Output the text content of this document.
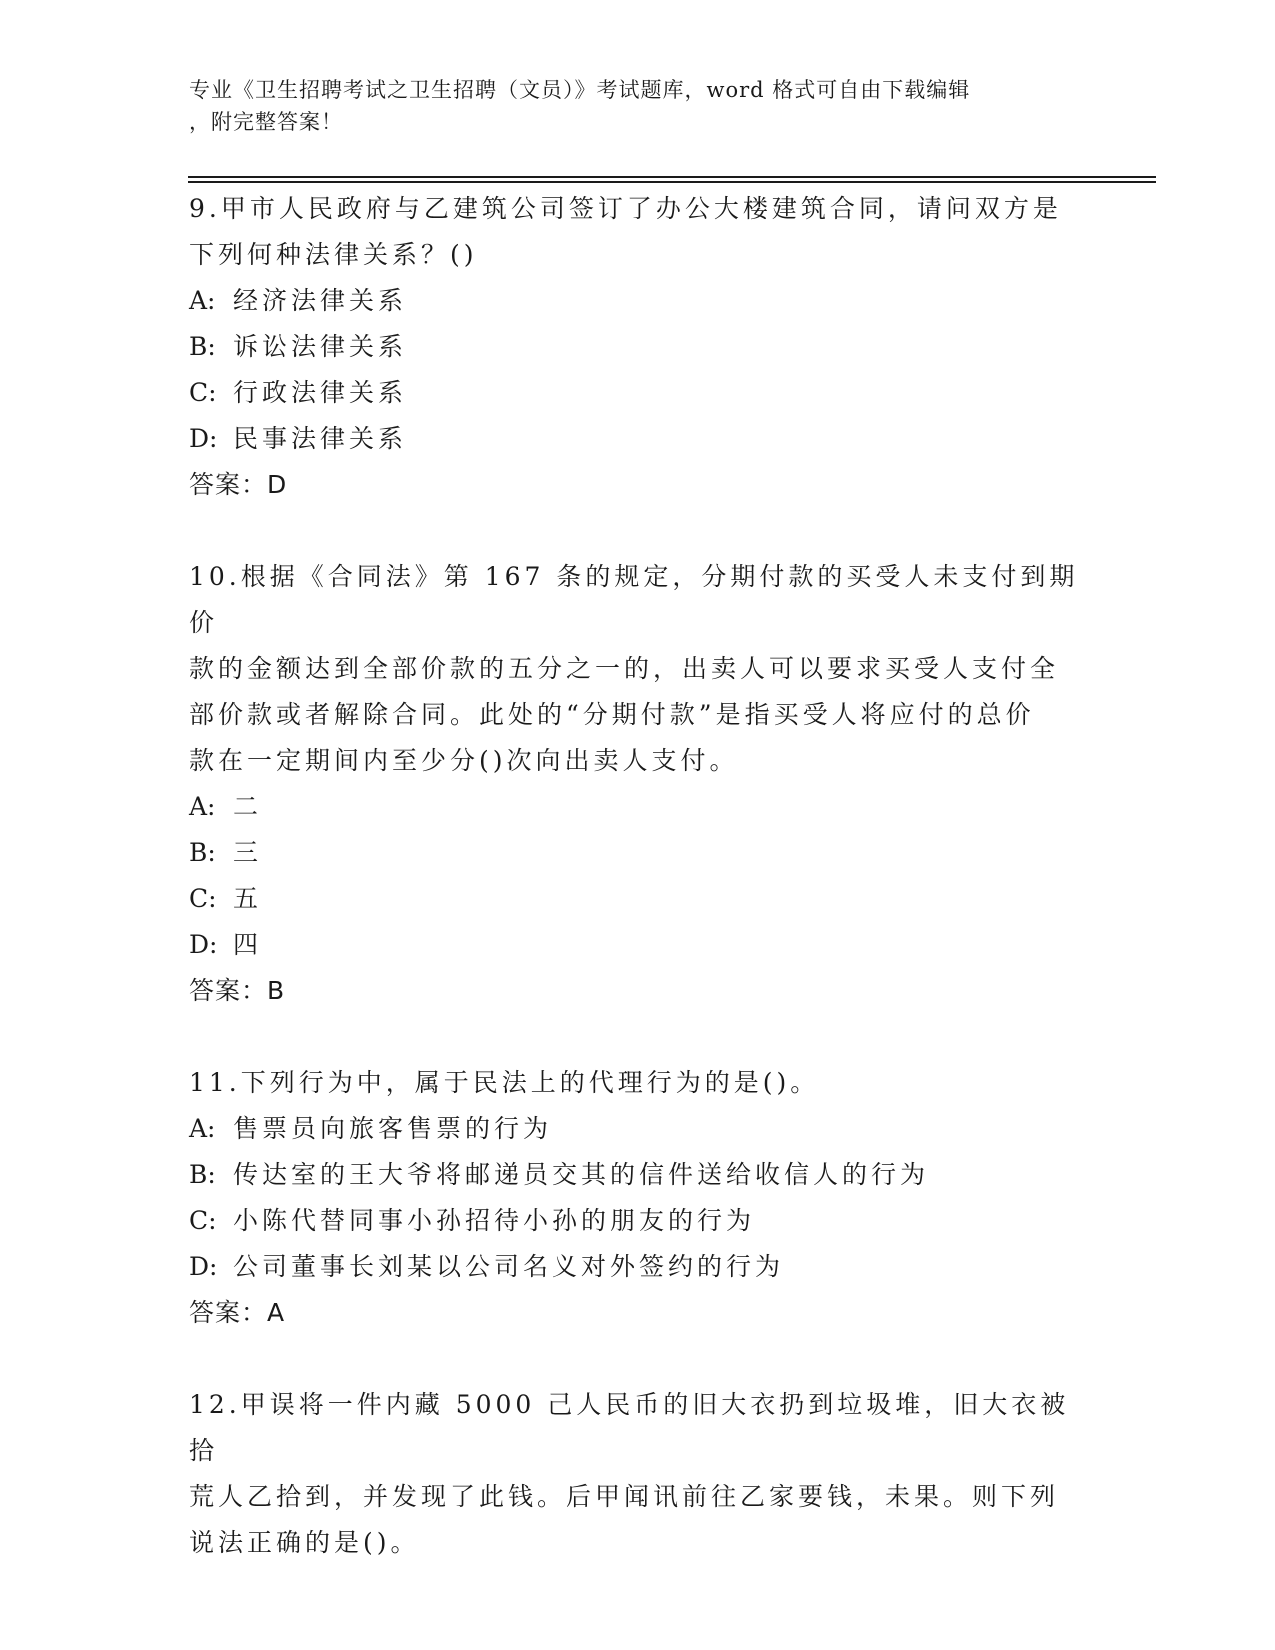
专业《卫生招聘考试之卫生招聘（文员）》考试题库，word 格式可自由下载编辑
，附完整答案！

9.甲市人民政府与乙建筑公司签订了办公大楼建筑合同，请问双方是

下列何种法律关系？()

A: 经济法律关系

B: 诉讼法律关系

C: 行政法律关系

D: 民事法律关系

答案：D

10.根据《合同法》第 167 条的规定，分期付款的买受人未支付到期价

款的金额达到全部价款的五分之一的，出卖人可以要求买受人支付全

部价款或者解除合同。此处的“分期付款”是指买受人将应付的总价

款在一定期间内至少分()次向出卖人支付。

A: 二

B: 三

C: 五

D: 四

答案：B

11.下列行为中，属于民法上的代理行为的是()。

A: 售票员向旅客售票的行为

B: 传达室的王大爷将邮递员交其的信件送给收信人的行为

C: 小陈代替同事小孙招待小孙的朋友的行为

D: 公司董事长刘某以公司名义对外签约的行为

答案：A

12.甲误将一件内藏 5000 己人民币的旧大衣扔到垃圾堆，旧大衣被拾

荒人乙拾到，并发现了此钱。后甲闻讯前往乙家要钱，未果。则下列

说法正确的是()。
